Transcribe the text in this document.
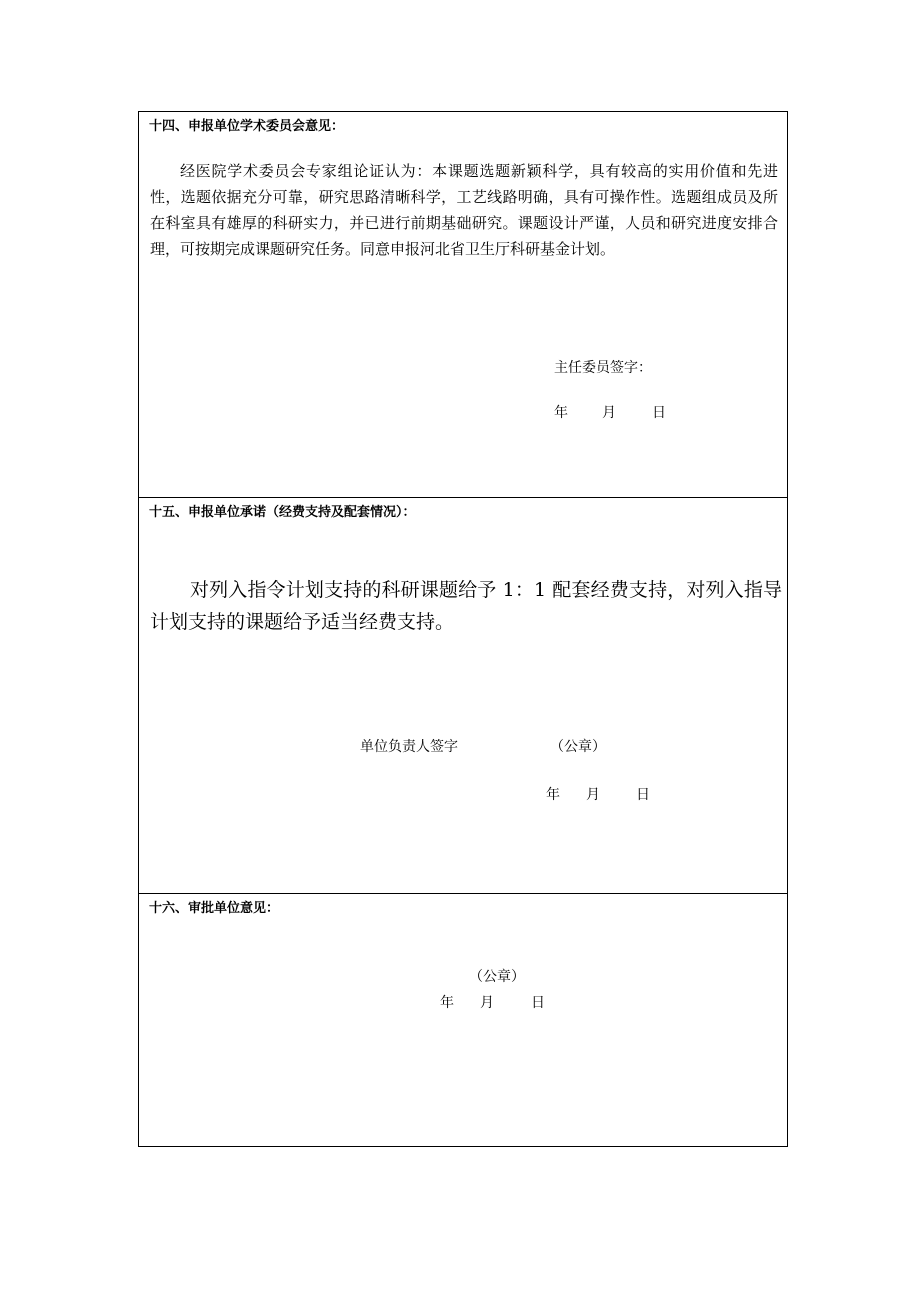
十四、申报单位学术委员会意见：
经医院学术委员会专家组论证认为：本课题选题新颖科学，具有较高的实用价值和先进性，选题依据充分可靠，研究思路清晰科学，工艺线路明确，具有可操作性。选题组成员及所在科室具有雄厚的科研实力，并已进行前期基础研究。课题设计严谨，人员和研究进度安排合理，可按期完成课题研究任务。同意申报河北省卫生厅科研基金计划。
主任委员签字：
年 月	日
十五、申报单位承诺（经费支持及配套情况）：
对列入指令计划支持的科研课题给予 1：1 配套经费支持，对列入指导计划支持的课题给予适当经费支持。
单位负责人签字	（公章）
年 月	日
十六、审批单位意见：
（公章）
年 月	日
